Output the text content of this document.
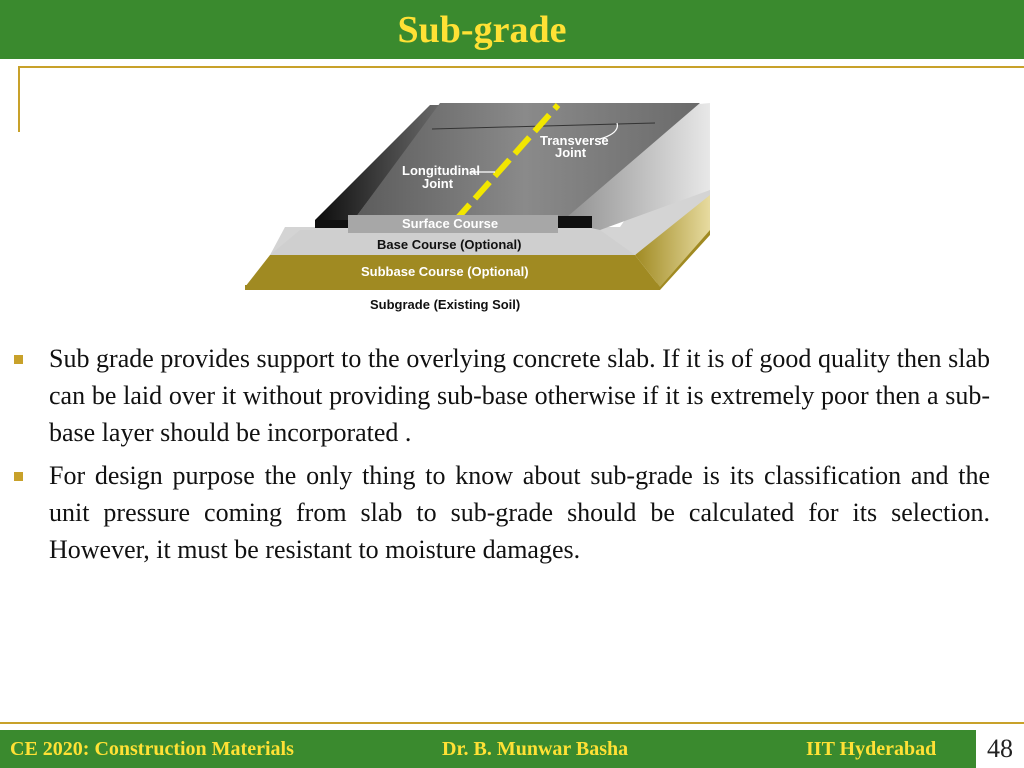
Sub-grade
Transverse
Joint
Longitudinal
Joint
Surface Course
Base Course (Optional)
Subbase Course (Optional)
Subgrade (Existing Soil)
Sub grade provides support to the overlying concrete slab. If it is of good quality then slab can be laid over it without providing sub-base otherwise if it is extremely poor then a sub-base layer should be incorporated .
For design purpose the only thing to know about sub-grade is its classification and the unit pressure coming from slab to sub-grade should be calculated for its selection. However, it must be resistant to moisture damages.
CE 2020: Construction Materials	Dr. B. Munwar Basha	IIT Hyderabad	48
